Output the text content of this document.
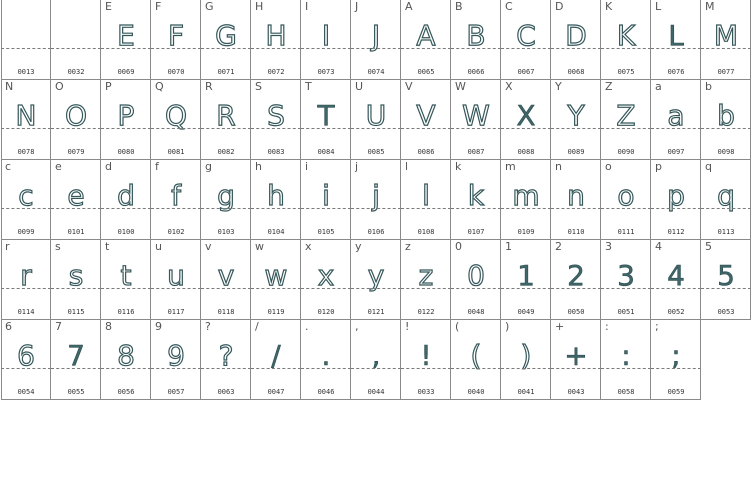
0013	0032
E
E
0069
F
F
0070
G
G
0071
H
H
0072
I
I
0073
J
J
0074
A
A
0065
B
B
0066
C
C
0067
D
D
0068
K
K
0075
L
L
0076
M
M
0077
N
N
0078
O
O
0079
P
P
0080
Q
Q
0081
R
R
0082
S
S
0083
T
T
0084
U
U
0085
V
V
0086
W
W
0087
X
X
0088
Y
Y
0089
Z
Z
0090
a
a
0097
b
b
0098
c
c
0099
e
e
0101
d
d
0100
f
f
0102
g
g
0103
h
h
0104
i
i
0105
j
j
0106
l
l
0108
k
k
0107
m
m
0109
n
n
0110
o
o
0111
p
p
0112
q
q
0113
r
r
0114
s
s
0115
t
t
0116
u
u
0117
v
v
0118
w
w
0119
x
x
0120
y
y
0121
z
z
0122
0
0
0048
1
1
0049
2
2
0050
3
3
0051
4
4
0052
5
5
0053
6
6
0054
7
7
0055
8
8
0056
9
9
0057
?
?
0063
/
/
0047
.
.
0046
,
,
0044
!
!
0033
(
(
0040
)
)
0041
+
+
0043
:
:
0058
;
;
0059
